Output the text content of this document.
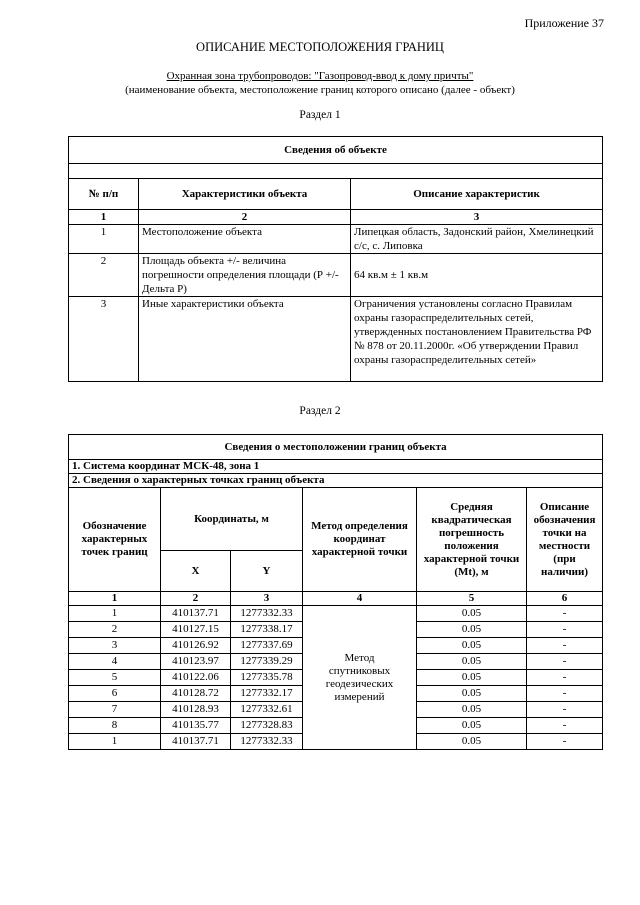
Приложение 37
ОПИСАНИЕ МЕСТОПОЛОЖЕНИЯ ГРАНИЦ
Охранная зона трубопроводов: "Газопровод-ввод к дому причты"
(наименование объекта, местоположение границ которого описано (далее - объект)
Раздел 1
Сведения об объекте		

№ п/п	Характеристики объекта	Описание характеристик
1	2	3
1	Местоположение объекта	Липецкая область, Задонский район, Хмелинецкий с/с, с. Липовка
2	Площадь объекта +/- величина погрешности определения площади (Р +/- Дельта Р)	64 кв.м ± 1 кв.м
3	Иные характеристики объекта	Ограничения установлены согласно Правилам охраны газораспределительных сетей, утвержденных постановлением Правительства РФ № 878 от 20.11.2000г. «Об утверждении Правил охраны газораспределительных сетей»
Раздел 2
Сведения о местоположении границ объекта					
1. Система координат МСК-48, зона 1					
2. Сведения о характерных точках границ объекта					
Обозначение характерных точек границ	Координаты, м		Метод определения координат характерной точки	Средняя квадратическая погрешность положения характерной точки (Mt), м	Описание обозначения точки на местности (при наличии)
	X	Y			
1	2	3	4	5	6
1	410137.71	1277332.33	Метод спутниковых геодезических измерений	0.05	-
2	410127.15	1277338.17		0.05	-
3	410126.92	1277337.69		0.05	-
4	410123.97	1277339.29		0.05	-
5	410122.06	1277335.78		0.05	-
6	410128.72	1277332.17		0.05	-
7	410128.93	1277332.61		0.05	-
8	410135.77	1277328.83		0.05	-
1	410137.71	1277332.33		0.05	-
